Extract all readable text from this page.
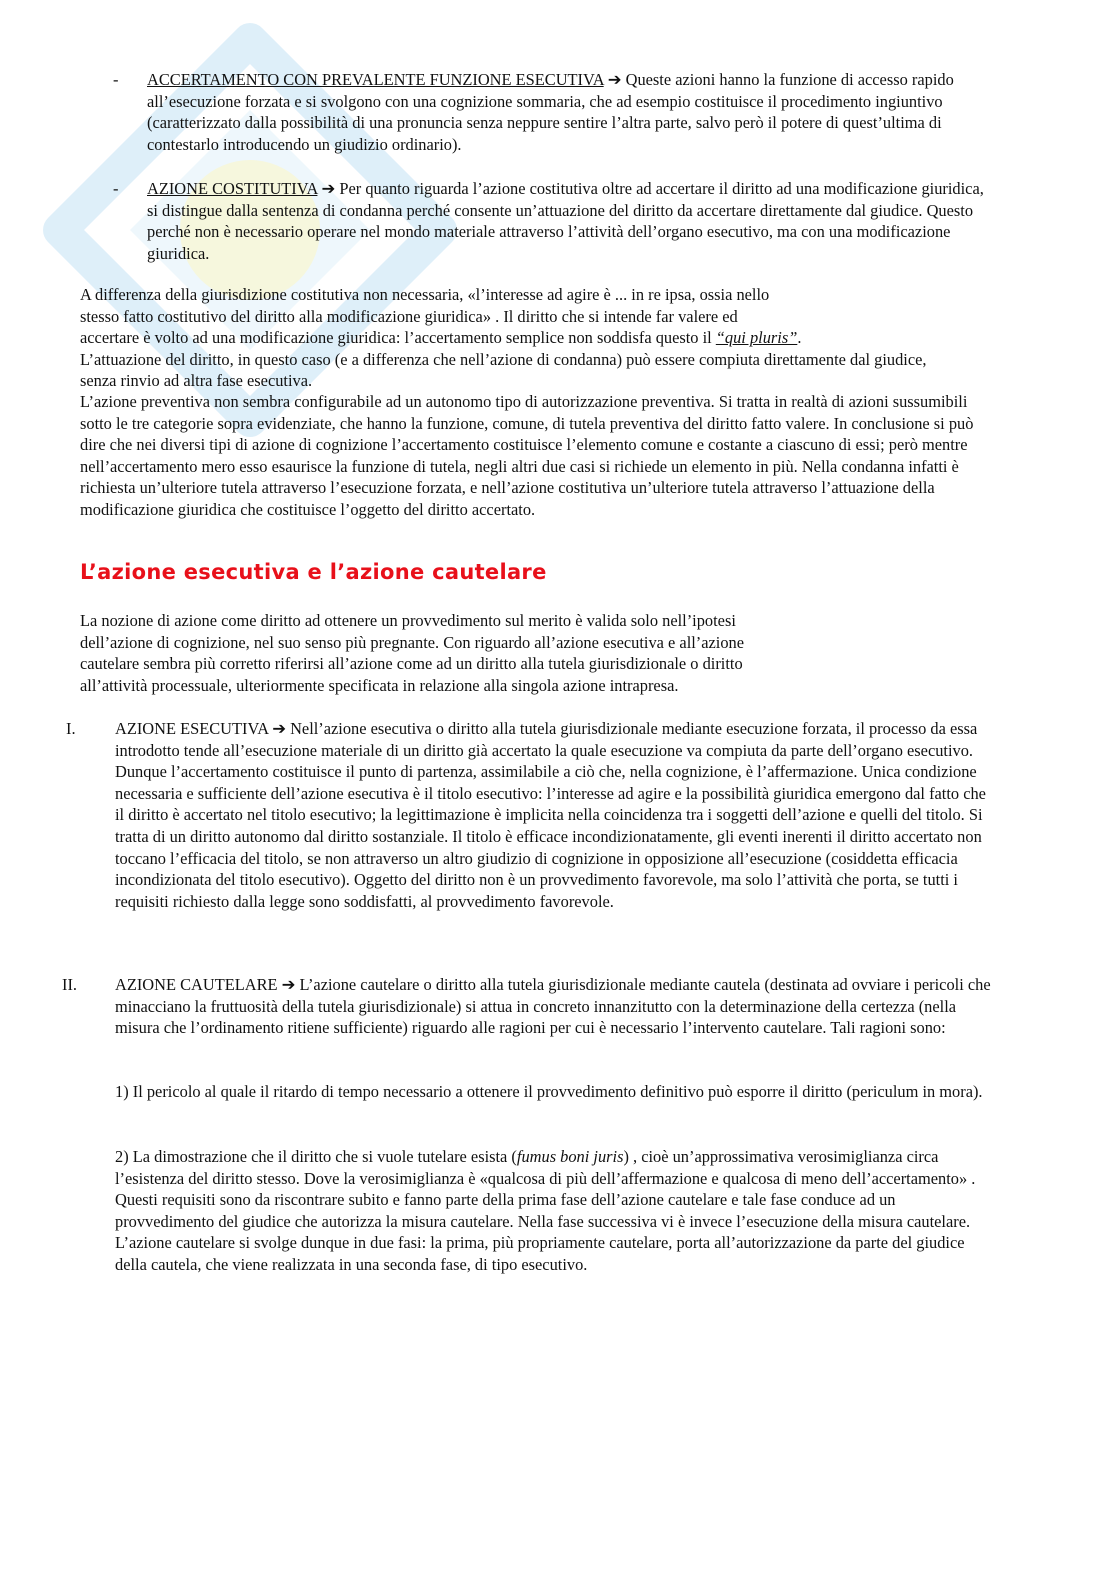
- ACCERTAMENTO CON PREVALENTE FUNZIONE ESECUTIVA ➔ Queste azioni hanno la funzione di accesso rapido all’esecuzione forzata e si svolgono con una cognizione sommaria, che ad esempio costituisce il procedimento ingiuntivo (caratterizzato dalla possibilità di una pronuncia senza neppure sentire l’altra parte, salvo però il potere di quest’ultima di contestarlo introducendo un giudizio ordinario).
- AZIONE COSTITUTIVA ➔ Per quanto riguarda l’azione costitutiva oltre ad accertare il diritto ad una modificazione giuridica, si distingue dalla sentenza di condanna perché consente un’attuazione del diritto da accertare direttamente dal giudice. Questo perché non è necessario operare nel mondo materiale attraverso l’attività dell’organo esecutivo, ma con una modificazione giuridica.
A differenza della giurisdizione costitutiva non necessaria, «l’interesse ad agire è ... in re ipsa, ossia nello
stesso fatto costitutivo del diritto alla modificazione giuridica» . Il diritto che si intende far valere ed
accertare è volto ad una modificazione giuridica: l’accertamento semplice non soddisfa questo il “qui pluris”.
L’attuazione del diritto, in questo caso (e a differenza che nell’azione di condanna) può essere compiuta direttamente dal giudice, senza rinvio ad altra fase esecutiva.
L’azione preventiva non sembra configurabile ad un autonomo tipo di autorizzazione preventiva. Si tratta in realtà di azioni sussumibili sotto le tre categorie sopra evidenziate, che hanno la funzione, comune, di tutela preventiva del diritto fatto valere. In conclusione si può dire che nei diversi tipi di azione di cognizione l’accertamento costituisce l’elemento comune e costante a ciascuno di essi; però mentre nell’accertamento mero esso esaurisce la funzione di tutela, negli altri due casi si richiede un elemento in più. Nella condanna infatti è richiesta un’ulteriore tutela attraverso l’esecuzione forzata, e nell’azione costitutiva un’ulteriore tutela attraverso l’attuazione della modificazione giuridica che costituisce l’oggetto del diritto accertato.
L’azione esecutiva e l’azione cautelare
La nozione di azione come diritto ad ottenere un provvedimento sul merito è valida solo nell’ipotesi
dell’azione di cognizione, nel suo senso più pregnante. Con riguardo all’azione esecutiva e all’azione
cautelare sembra più corretto riferirsi all’azione come ad un diritto alla tutela giurisdizionale o diritto
all’attività processuale, ulteriormente specificata in relazione alla singola azione intrapresa.
I. AZIONE ESECUTIVA ➔ Nell’azione esecutiva o diritto alla tutela giurisdizionale mediante esecuzione forzata, il processo da essa introdotto tende all’esecuzione materiale di un diritto già accertato la quale esecuzione va compiuta da parte dell’organo esecutivo. Dunque l’accertamento costituisce il punto di partenza, assimilabile a ciò che, nella cognizione, è l’affermazione. Unica condizione necessaria e sufficiente dell’azione esecutiva è il titolo esecutivo: l’interesse ad agire e la possibilità giuridica emergono dal fatto che il diritto è accertato nel titolo esecutivo; la legittimazione è implicita nella coincidenza tra i soggetti dell’azione e quelli del titolo. Si tratta di un diritto autonomo dal diritto sostanziale. Il titolo è efficace incondizionatamente, gli eventi inerenti il diritto accertato non toccano l’efficacia del titolo, se non attraverso un altro giudizio di cognizione in opposizione all’esecuzione (cosiddetta efficacia incondizionata del titolo esecutivo). Oggetto del diritto non è un provvedimento favorevole, ma solo l’attività che porta, se tutti i requisiti richiesto dalla legge sono soddisfatti, al provvedimento favorevole.
II. AZIONE CAUTELARE ➔ L’azione cautelare o diritto alla tutela giurisdizionale mediante cautela (destinata ad ovviare i pericoli che minacciano la fruttuosità della tutela giurisdizionale) si attua in concreto innanzitutto con la determinazione della certezza (nella misura che l’ordinamento ritiene sufficiente) riguardo alle ragioni per cui è necessario l’intervento cautelare. Tali ragioni sono:
1) Il pericolo al quale il ritardo di tempo necessario a ottenere il provvedimento definitivo può esporre il diritto (periculum in mora).
2) La dimostrazione che il diritto che si vuole tutelare esista (fumus boni juris) , cioè un’approssimativa verosimiglianza circa l’esistenza del diritto stesso. Dove la verosimiglianza è «qualcosa di più dell’affermazione e qualcosa di meno dell’accertamento» . Questi requisiti sono da riscontrare subito e fanno parte della prima fase dell’azione cautelare e tale fase conduce ad un provvedimento del giudice che autorizza la misura cautelare. Nella fase successiva vi è invece l’esecuzione della misura cautelare. L’azione cautelare si svolge dunque in due fasi: la prima, più propriamente cautelare, porta all’autorizzazione da parte del giudice della cautela, che viene realizzata in una seconda fase, di tipo esecutivo.
